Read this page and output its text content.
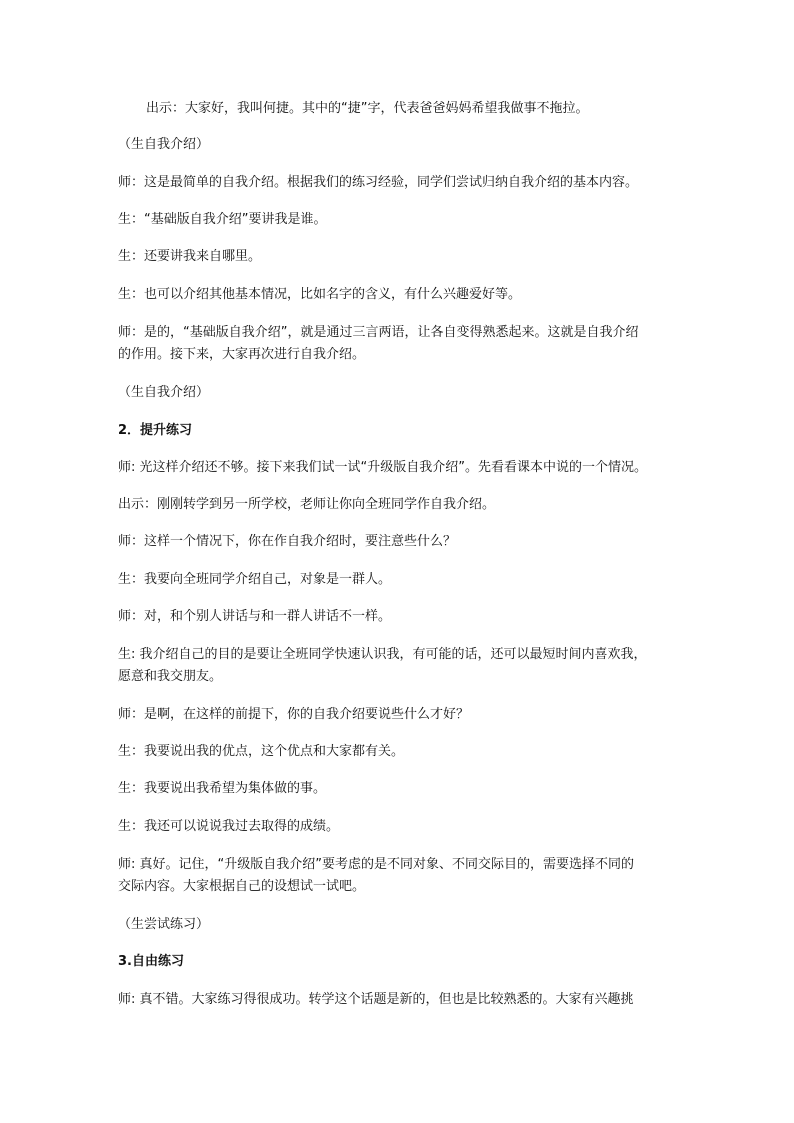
出示：大家好，我叫何捷。其中的“捷”字，代表爸爸妈妈希望我做事不拖拉。
（生自我介绍）
师：这是最简单的自我介绍。根据我们的练习经验，同学们尝试归纳自我介绍的基本内容。
生：“基础版自我介绍”要讲我是谁。
生：还要讲我来自哪里。
生：也可以介绍其他基本情况，比如名字的含义，有什么兴趣爱好等。
师：是的，“基础版自我介绍”，就是通过三言两语，让各自变得熟悉起来。这就是自我介绍
的作用。接下来，大家再次进行自我介绍。
（生自我介绍）
2．提升练习
师: 光这样介绍还不够。接下来我们试一试“升级版自我介绍”。先看看课本中说的一个情况。
出示：刚刚转学到另一所学校，老师让你向全班同学作自我介绍。
师：这样一个情况下，你在作自我介绍时，要注意些什么？
生：我要向全班同学介绍自己，对象是一群人。
师：对，和个别人讲话与和一群人讲话不一样。
生: 我介绍自己的目的是要让全班同学快速认识我，有可能的话，还可以最短时间内喜欢我，
愿意和我交朋友。
师：是啊，在这样的前提下，你的自我介绍要说些什么才好？
生：我要说出我的优点，这个优点和大家都有关。
生：我要说出我希望为集体做的事。
生：我还可以说说我过去取得的成绩。
师: 真好。记住，“升级版自我介绍”要考虑的是不同对象、不同交际目的，需要选择不同的
交际内容。大家根据自己的设想试一试吧。
（生尝试练习）
3.自由练习
师: 真不错。大家练习得很成功。转学这个话题是新的，但也是比较熟悉的。大家有兴趣挑
